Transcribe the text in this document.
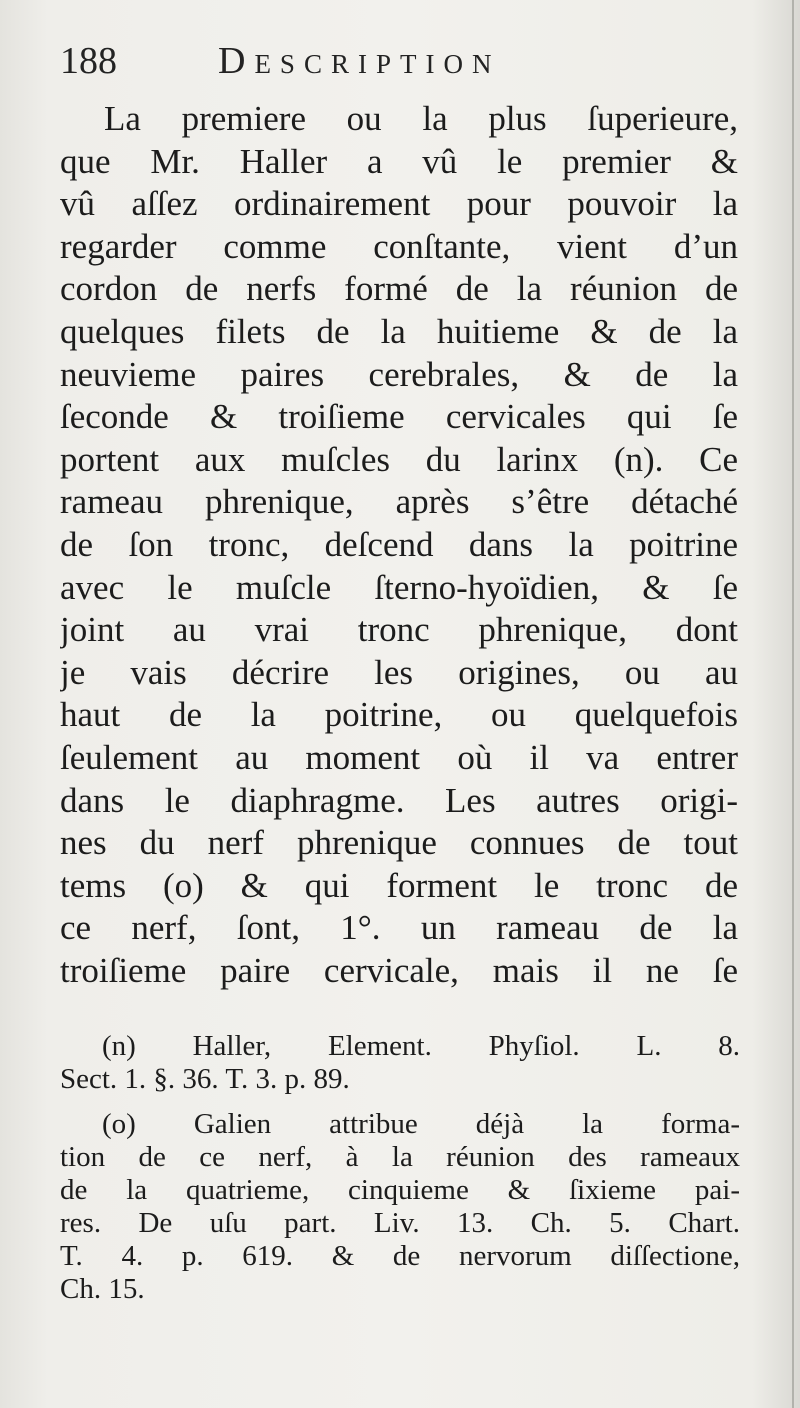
188	Description
La premiere ou la plus ſuperieure,
que Mr. Haller a vû le premier &
vû aſſez ordinairement pour pouvoir la
regarder comme conſtante, vient d’un
cordon de nerfs formé de la réunion de
quelques filets de la huitieme & de la
neuvieme paires cerebrales, & de la
ſeconde & troiſieme cervicales qui ſe
portent aux muſcles du larinx (n). Ce
rameau phrenique, après s’être détaché
de ſon tronc, deſcend dans la poitrine
avec le muſcle ſterno-hyoïdien, & ſe
joint au vrai tronc phrenique, dont
je vais décrire les origines, ou au
haut de la poitrine, ou quelquefois
ſeulement au moment où il va entrer
dans le diaphragme. Les autres origi-
nes du nerf phrenique connues de tout
tems (o) & qui forment le tronc de
ce nerf, ſont, 1°. un rameau de la
troiſieme paire cervicale, mais il ne ſe
(n) Haller, Element. Phyſiol. L. 8.
Sect. 1. §. 36. T. 3. p. 89.
(o) Galien attribue déjà la forma-
tion de ce nerf, à la réunion des rameaux
de la quatrieme, cinquieme & ſixieme pai-
res. De uſu part. Liv. 13. Ch. 5. Chart.
T. 4. p. 619. & de nervorum diſſectione,
Ch. 15.
